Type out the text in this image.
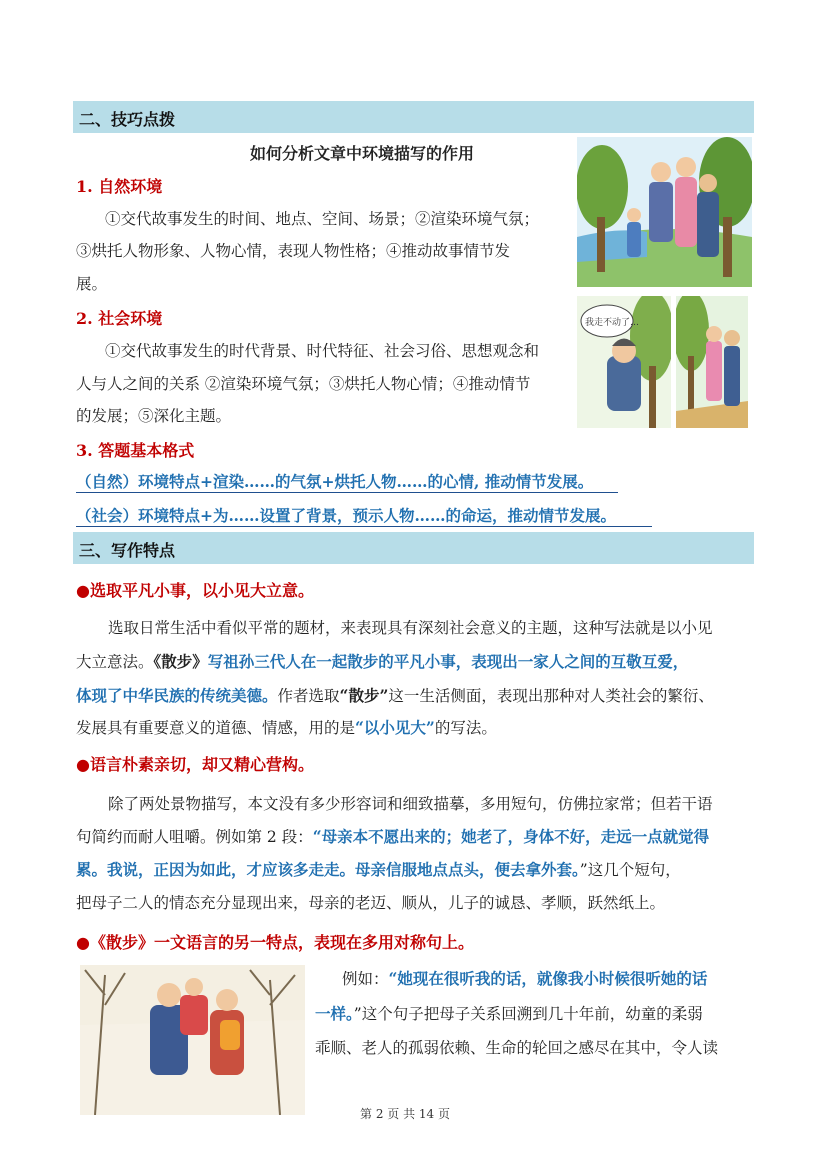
二、技巧点拨
如何分析文章中环境描写的作用
1. 自然环境
①交代故事发生的时间、地点、空间、场景；②渲染环境气氛；
③烘托人物形象、人物心情，表现人物性格；④推动故事情节发
展。
2. 社会环境
①交代故事发生的时代背景、时代特征、社会习俗、思想观念和
人与人之间的关系 ②渲染环境气氛；③烘托人物心情；④推动情节
的发展；⑤深化主题。
3. 答题基本格式
（自然）环境特点+渲染……的气氛+烘托人物……的心情, 推动情节发展。
（社会）环境特点+为……设置了背景，预示人物……的命运，推动情节发展。
我走不动了…
三、写作特点
●选取平凡小事，以小见大立意。
选取日常生活中看似平常的题材，来表现具有深刻社会意义的主题，这种写法就是以小见
大立意法。《散步》写祖孙三代人在一起散步的平凡小事，表现出一家人之间的互敬互爱，
体现了中华民族的传统美德。作者选取“散步”这一生活侧面，表现出那种对人类社会的繁衍、
发展具有重要意义的道德、情感，用的是“以小见大”的写法。
●语言朴素亲切，却又精心营构。
除了两处景物描写，本文没有多少形容词和细致描摹，多用短句，仿佛拉家常；但若干语
句简约而耐人咀嚼。例如第 2 段：“母亲本不愿出来的；她老了，身体不好，走远一点就觉得
累。我说，正因为如此，才应该多走走。母亲信服地点点头，便去拿外套。”这几个短句，
把母子二人的情态充分显现出来，母亲的老迈、顺从，儿子的诚恳、孝顺，跃然纸上。
●《散步》一文语言的另一特点，表现在多用对称句上。
例如：“她现在很听我的话，就像我小时候很听她的话
一样。”这个句子把母子关系回溯到几十年前，幼童的柔弱
乖顺、老人的孤弱依赖、生命的轮回之感尽在其中，令人读
第 2 页 共 14 页
